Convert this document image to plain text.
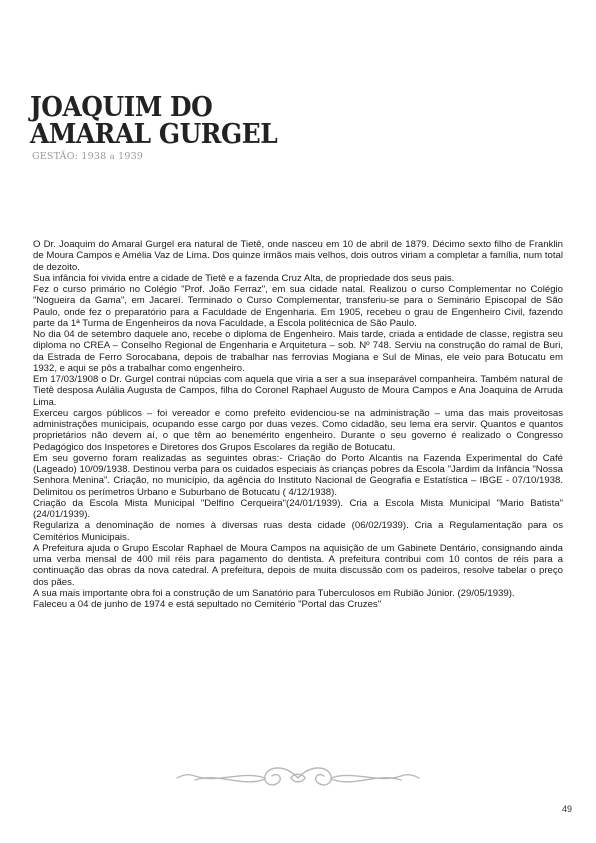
JOAQUIM DO
AMARAL GURGEL
GESTÃO: 1938 a 1939

O Dr. Joaquim do Amaral Gurgel era natural de Tietê, onde nasceu em 10 de abril de 1879. Décimo sexto filho de Franklin de Moura Campos e Amélia Vaz de Lima. Dos quinze irmãos mais velhos, dois outros viriam a completar a família, num total de dezoito.

Sua infância foi vivida entre a cidade de Tietê e a fazenda Cruz Alta, de propriedade dos seus pais.

Fez o curso primário no Colégio "Prof. João Ferraz", em sua cidade natal. Realizou o curso Complementar no Colégio "Nogueira da Gama", em Jacareí. Terminado o Curso Complementar, transferiu-se para o Seminário Episcopal de São Paulo, onde fez o preparatório para a Faculdade de Engenharia. Em 1905, recebeu o grau de Engenheiro Civil, fazendo parte da 1ª Turma de Engenheiros da nova Faculdade, a Escola politécnica de São Paulo.

No dia 04 de setembro daquele ano, recebe o diploma de Engenheiro. Mais tarde, criada a entidade de classe, registra seu diploma no CREA – Conselho Regional de Engenharia e Arquitetura – sob. Nº 748. Serviu na construção do ramal de Buri, da Estrada de Ferro Sorocabana, depois de trabalhar nas ferrovias Mogiana e Sul de Minas, ele veio para Botucatu em 1932, e aqui se pôs a trabalhar como engenheiro.

Em 17/03/1908 o Dr. Gurgel contrai núpcias com aquela que viria a ser a sua inseparável companheira. Também natural de Tietê desposa Aulália Augusta de Campos, filha do Coronel Raphael Augusto de Moura Campos e Ana Joaquina de Arruda Lima.

Exerceu cargos públicos – foi vereador e como prefeito evidenciou-se na administração – uma das mais proveitosas administrações municipais, ocupando esse cargo por duas vezes. Como cidadão, seu lema era servir. Quantos e quantos proprietários não devem aí, o que têm ao benemérito engenheiro. Durante o seu governo é realizado o Congresso Pedagógico dos Inspetores e Diretores dos Grupos Escolares da região de Botucatu.

Em seu governo foram realizadas as seguintes obras:- Criação do Porto Alcantis na Fazenda Experimental do Café (Lageado) 10/09/1938. Destinou verba para os cuidados especiais às crianças pobres da Escola "Jardim da Infância "Nossa Senhora Menina". Criação, no município, da agência do Instituto Nacional de Geografia e Estatística – IBGE - 07/10/1938. Delimitou os perímetros Urbano e Suburbano de Botucatu ( 4/12/1938).

Criação da Escola Mista Municipal "Delfino Cerqueira"(24/01/1939). Cria a Escola Mista Municipal "Mario Batista" (24/01/1939).

Regulariza a denominação de nomes à diversas ruas desta cidade (06/02/1939). Cria a Regulamentação para os Cemitérios Municipais.

A Prefeitura ajuda o Grupo Escolar Raphael de Moura Campos na aquisição de um Gabinete Dentário, consignando ainda uma verba mensal de 400 mil réis para pagamento do dentista. A prefeitura contribui com 10 contos de réis para a continuação das obras da nova catedral. A prefeitura, depois de muita discussão com os padeiros, resolve tabelar o preço dos pães.

A sua mais importante obra foi a construção de um Sanatório para Tuberculosos em Rubião Júnior. (29/05/1939).

Faleceu a 04 de junho de 1974 e está sepultado no Cemitério "Portal das Cruzes"

49
